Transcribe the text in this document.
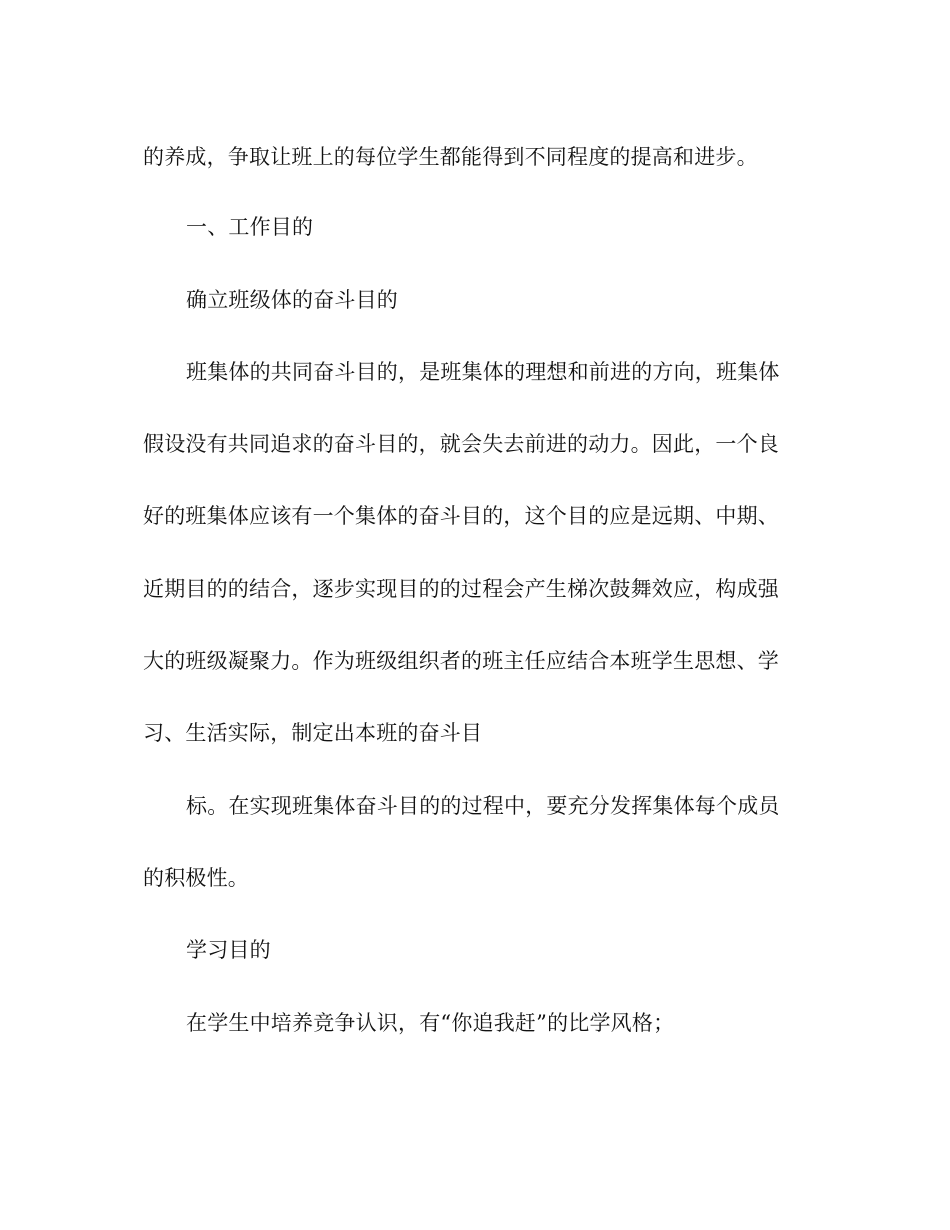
的养成，争取让班上的每位学生都能得到不同程度的提高和进步。
一、工作目的
确立班级体的奋斗目的
班集体的共同奋斗目的，是班集体的理想和前进的方向，班集体
假设没有共同追求的奋斗目的，就会失去前进的动力。因此，一个良
好的班集体应该有一个集体的奋斗目的，这个目的应是远期、中期、
近期目的的结合，逐步实现目的的过程会产生梯次鼓舞效应，构成强
大的班级凝聚力。作为班级组织者的班主任应结合本班学生思想、学
习、生活实际，制定出本班的奋斗目
标。在实现班集体奋斗目的的过程中，要充分发挥集体每个成员
的积极性。
学习目的
在学生中培养竞争认识，有“你追我赶”的比学风格；
